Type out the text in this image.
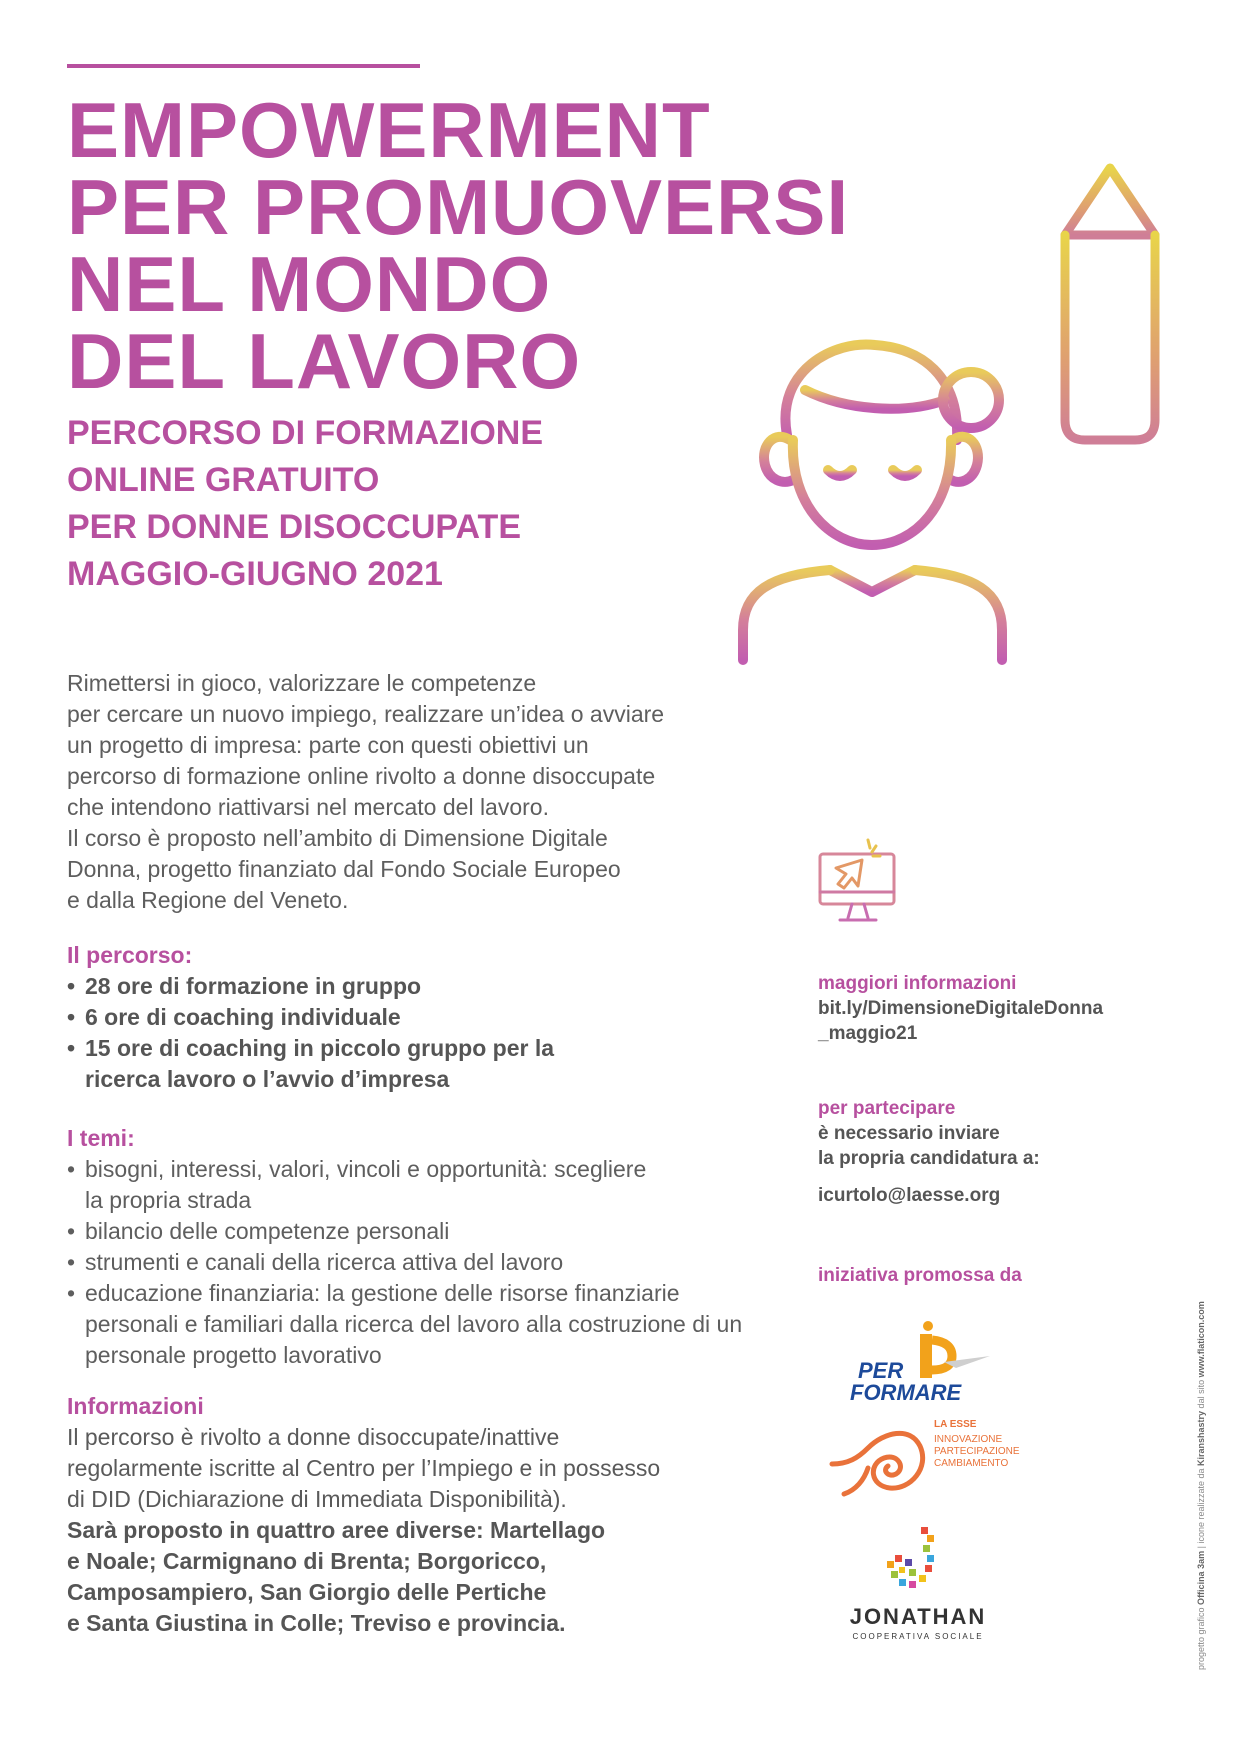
EMPOWERMENT
PER PROMUOVERSI
NEL MONDO
DEL LAVORO
PERCORSO DI FORMAZIONE
ONLINE GRATUITO
PER DONNE DISOCCUPATE
MAGGIO-GIUGNO 2021
Rimettersi in gioco, valorizzare le competenze
per cercare un nuovo impiego, realizzare un’idea o avviare
un progetto di impresa: parte con questi obiettivi un
percorso di formazione online rivolto a donne disoccupate
che intendono riattivarsi nel mercato del lavoro.
Il corso è proposto nell’ambito di Dimensione Digitale
Donna, progetto finanziato dal Fondo Sociale Europeo
e dalla Regione del Veneto.
Il percorso:
• 28 ore di formazione in gruppo
• 6 ore di coaching individuale
• 15 ore di coaching in piccolo gruppo per la ricerca lavoro o l’avvio d’impresa
I temi:
• bisogni, interessi, valori, vincoli e opportunità: scegliere la propria strada
• bilancio delle competenze personali
• strumenti e canali della ricerca attiva del lavoro
• educazione finanziaria: la gestione delle risorse finanziarie personali e familiari dalla ricerca del lavoro alla costruzione di un personale progetto lavorativo
Informazioni
Il percorso è rivolto a donne disoccupate/inattive
regolarmente iscritte al Centro per l’Impiego e in possesso
di DID (Dichiarazione di Immediata Disponibilità).
Sarà proposto in quattro aree diverse: Martellago
e Noale; Carmignano di Brenta; Borgoricco,
Camposampiero, San Giorgio delle Pertiche
e Santa Giustina in Colle; Treviso e provincia.
maggiori informazioni
bit.ly/DimensioneDigitaleDonna
_maggio21
per partecipare
è necessario inviare
la propria candidatura a:
icurtolo@laesse.org
iniziativa promossa da
PER
FORMARE
LA ESSE
INNOVAZIONE
PARTECIPAZIONE
CAMBIAMENTO
JONATHAN
COOPERATIVA SOCIALE	progetto grafico Officina 3am | icone realizzate da Kiranshastry dal sito www.flaticon.com
